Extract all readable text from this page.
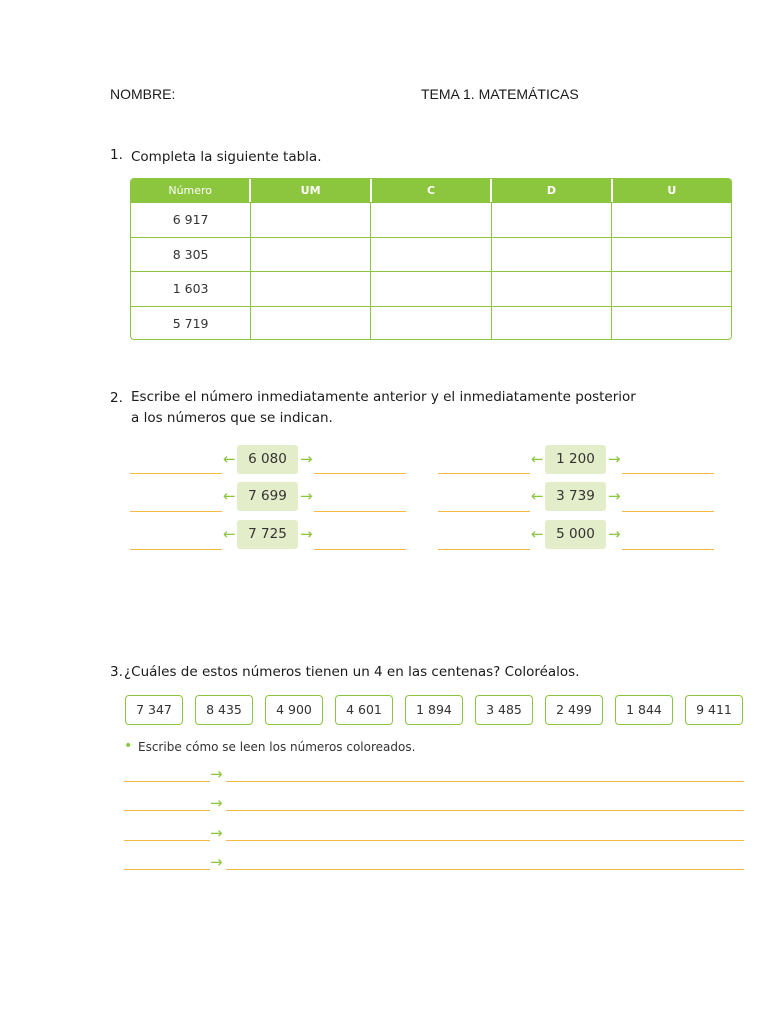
NOMBRE:	TEMA 1. MATEMÁTICAS
1. Completa la siguiente tabla.
Número	UM	C	D	U
6 917
8 305
1 603
5 719
2. Escribe el número inmediatamente anterior y el inmediatamente posterior
a los números que se indican.
← 6 080 →
← 7 699 →
← 7 725 →
← 1 200 →
← 3 739 →
← 5 000 →
3. ¿Cuáles de estos números tienen un 4 en las centenas? Coloréalos.
7 347	8 435	4 900	4 601	1 894	3 485	2 499	1 844	9 411
• Escribe cómo se leen los números coloreados.
→
→
→
→
